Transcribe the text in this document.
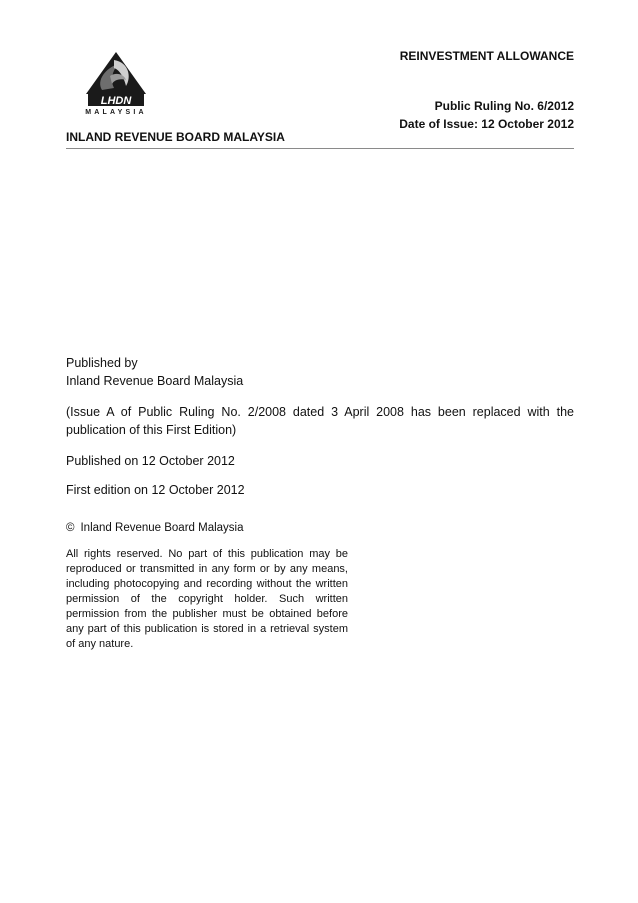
LHDN
MALAYSIA
REINVESTMENT ALLOWANCE
Public Ruling No. 6/2012
Date of Issue: 12 October 2012
INLAND REVENUE BOARD MALAYSIA
Published by
Inland Revenue Board Malaysia
(Issue A of Public Ruling No. 2/2008 dated 3 April 2008 has been replaced with the publication of this First Edition)
Published on 12 October 2012
First edition on 12 October 2012
© Inland Revenue Board Malaysia
All rights reserved. No part of this publication may be reproduced or transmitted in any form or by any means, including photocopying and recording without the written permission of the copyright holder. Such written permission from the publisher must be obtained before any part of this publication is stored in a retrieval system of any nature.
